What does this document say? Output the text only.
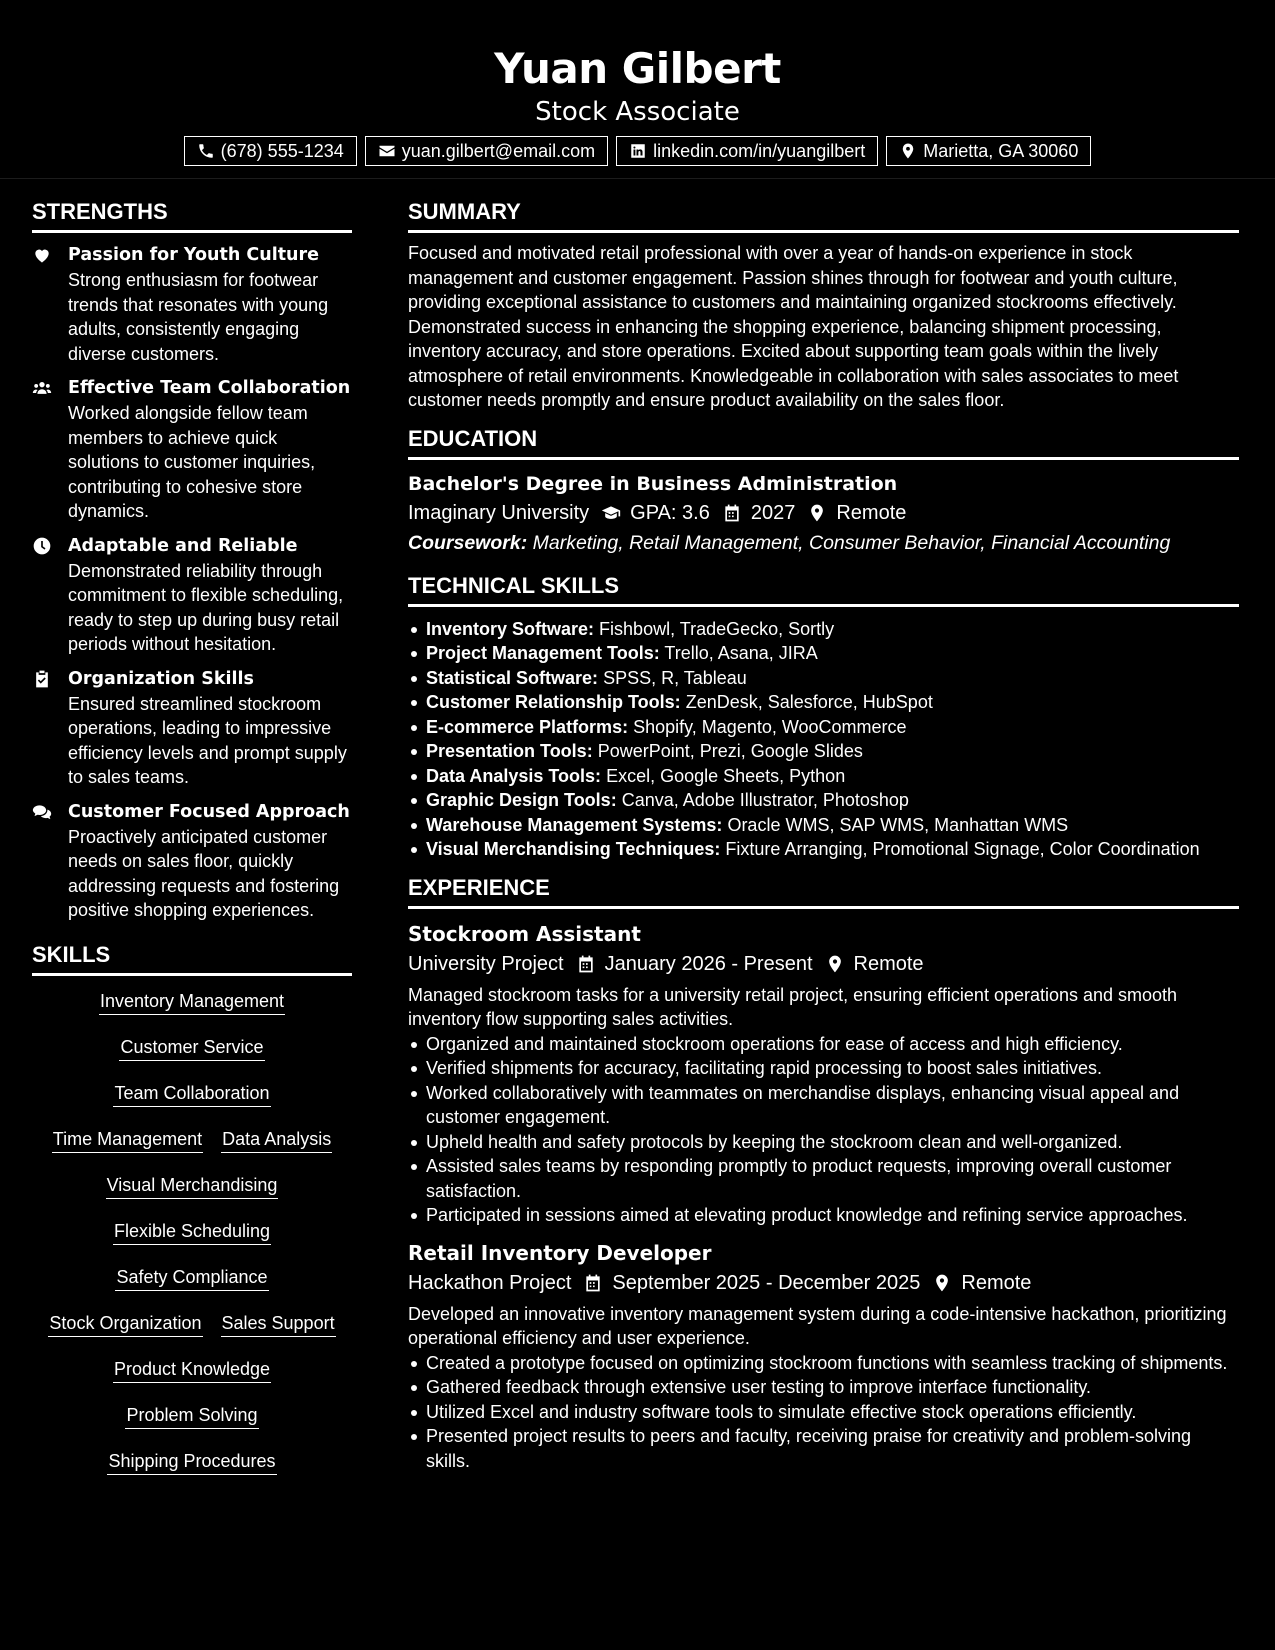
Yuan Gilbert
Stock Associate
(678) 555-1234	yuan.gilbert@email.com	linkedin.com/in/yuangilbert	Marietta, GA 30060
STRENGTHS
Passion for Youth Culture
Strong enthusiasm for footwear trends that resonates with young adults, consistently engaging diverse customers.
Effective Team Collaboration
Worked alongside fellow team members to achieve quick solutions to customer inquiries, contributing to cohesive store dynamics.
Adaptable and Reliable
Demonstrated reliability through commitment to flexible scheduling, ready to step up during busy retail periods without hesitation.
Organization Skills
Ensured streamlined stockroom operations, leading to impressive efficiency levels and prompt supply to sales teams.
Customer Focused Approach
Proactively anticipated customer needs on sales floor, quickly addressing requests and fostering positive shopping experiences.
SKILLS
Inventory Management
Customer Service
Team Collaboration
Time Management Data Analysis
Visual Merchandising
Flexible Scheduling
Safety Compliance
Stock Organization Sales Support
Product Knowledge
Problem Solving
Shipping Procedures
SUMMARY
Focused and motivated retail professional with over a year of hands-on experience in stock management and customer engagement. Passion shines through for footwear and youth culture, providing exceptional assistance to customers and maintaining organized stockrooms effectively. Demonstrated success in enhancing the shopping experience, balancing shipment processing, inventory accuracy, and store operations. Excited about supporting team goals within the lively atmosphere of retail environments. Knowledgeable in collaboration with sales associates to meet customer needs promptly and ensure product availability on the sales floor.
EDUCATION
Bachelor's Degree in Business Administration
Imaginary University GPA: 3.6 2027 Remote
Coursework: Marketing, Retail Management, Consumer Behavior, Financial Accounting
TECHNICAL SKILLS
Inventory Software: Fishbowl, TradeGecko, Sortly
Project Management Tools: Trello, Asana, JIRA
Statistical Software: SPSS, R, Tableau
Customer Relationship Tools: ZenDesk, Salesforce, HubSpot
E-commerce Platforms: Shopify, Magento, WooCommerce
Presentation Tools: PowerPoint, Prezi, Google Slides
Data Analysis Tools: Excel, Google Sheets, Python
Graphic Design Tools: Canva, Adobe Illustrator, Photoshop
Warehouse Management Systems: Oracle WMS, SAP WMS, Manhattan WMS
Visual Merchandising Techniques: Fixture Arranging, Promotional Signage, Color Coordination
EXPERIENCE
Stockroom Assistant
University Project January 2026 - Present Remote
Managed stockroom tasks for a university retail project, ensuring efficient operations and smooth inventory flow supporting sales activities.
Organized and maintained stockroom operations for ease of access and high efficiency.
Verified shipments for accuracy, facilitating rapid processing to boost sales initiatives.
Worked collaboratively with teammates on merchandise displays, enhancing visual appeal and customer engagement.
Upheld health and safety protocols by keeping the stockroom clean and well-organized.
Assisted sales teams by responding promptly to product requests, improving overall customer satisfaction.
Participated in sessions aimed at elevating product knowledge and refining service approaches.
Retail Inventory Developer
Hackathon Project September 2025 - December 2025 Remote
Developed an innovative inventory management system during a code-intensive hackathon, prioritizing operational efficiency and user experience.
Created a prototype focused on optimizing stockroom functions with seamless tracking of shipments.
Gathered feedback through extensive user testing to improve interface functionality.
Utilized Excel and industry software tools to simulate effective stock operations efficiently.
Presented project results to peers and faculty, receiving praise for creativity and problem-solving skills.
